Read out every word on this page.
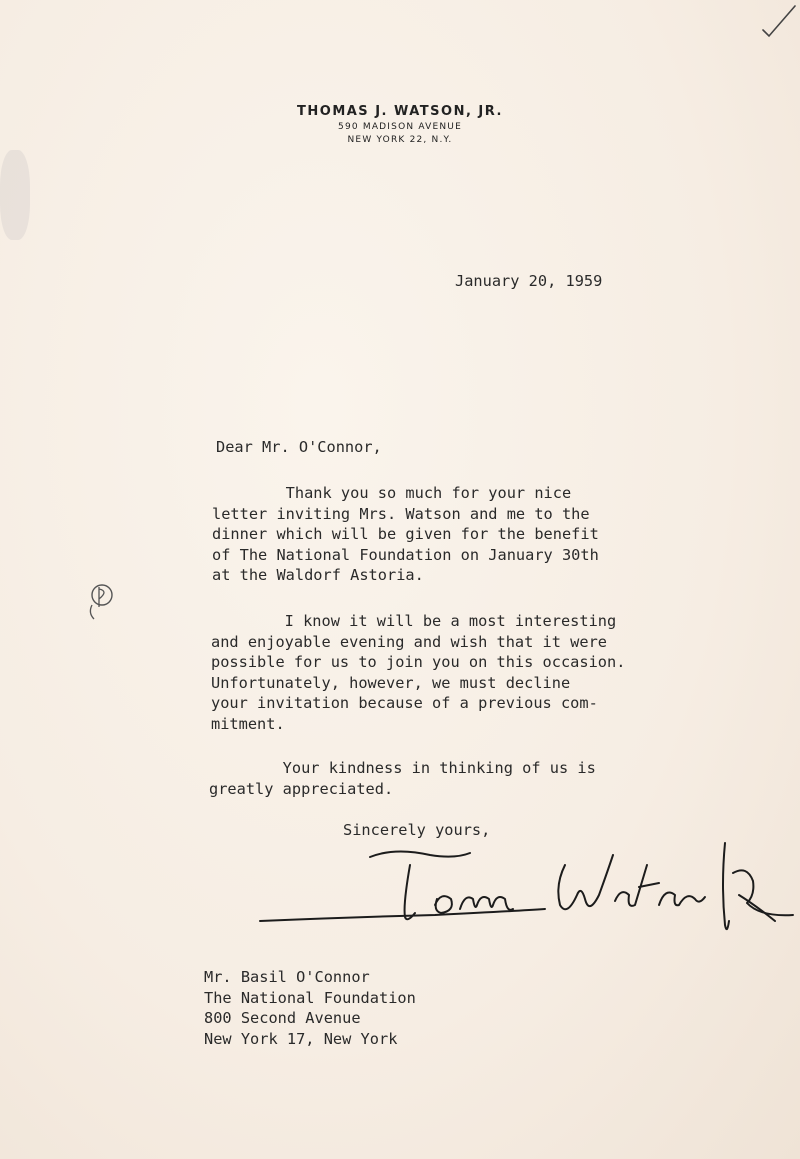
THOMAS J. WATSON, JR.
590 MADISON AVENUE
NEW YORK 22, N.Y.
January 20, 1959
Dear Mr. O'Connor,
Thank you so much for your nice
letter inviting Mrs. Watson and me to the
dinner which will be given for the benefit
of The National Foundation on January 30th
at the Waldorf Astoria.
I know it will be a most interesting
and enjoyable evening and wish that it were
possible for us to join you on this occasion.
Unfortunately, however, we must decline
your invitation because of a previous com-
mitment.
Your kindness in thinking of us is
greatly appreciated.
Sincerely yours,
Mr. Basil O'Connor
The National Foundation
800 Second Avenue
New York 17, New York
